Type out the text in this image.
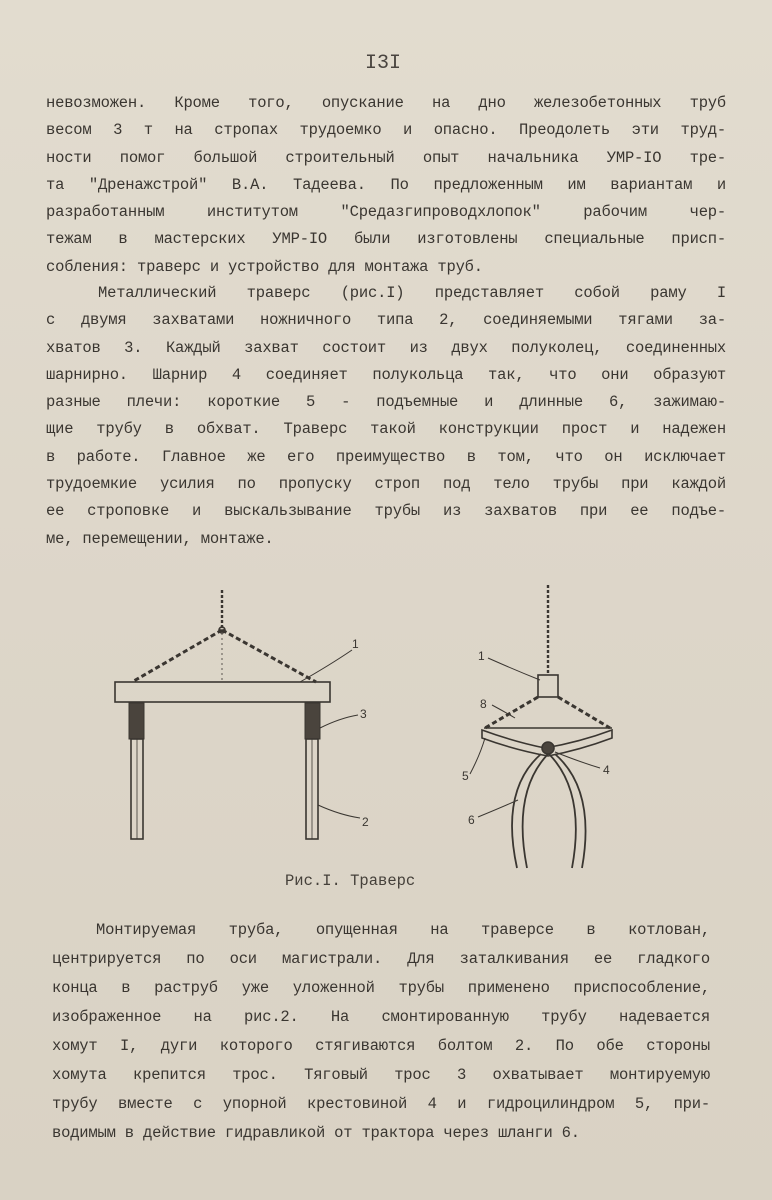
I3I
невозможен. Кроме того, опускание на дно железобетонных труб
весом 3 т на стропах трудоемко и опасно. Преодолеть эти труд-
ности помог большой строительный опыт начальника УМР-IO тре-
та "Дренажстрой" В.А. Тадеева. По предложенным им вариантам и
разработанным институтом "Средазгипроводхлопок" рабочим чер-
тежам в мастерских УМР-IO были изготовлены специальные присп-
собления: траверс и устройство для монтажа труб.
Металлический траверс (рис.I) представляет собой раму I
с двумя захватами ножничного типа 2, соединяемыми тягами за-
хватов 3. Каждый захват состоит из двух полуколец, соединенных
шарнирно. Шарнир 4 соединяет полукольца так, что они образуют
разные плечи: короткие 5 - подъемные и длинные 6, зажимаю-
щие трубу в обхват. Траверс такой конструкции прост и надежен
в работе. Главное же его преимущество в том, что он исключает
трудоемкие усилия по пропуску строп под тело трубы при каждой
ее строповке и выскальзывание трубы из захватов при ее подъе-
ме, перемещении, монтаже.
1
3
2
1
8
5	4
6
Рис.I. Траверс
Монтируемая труба, опущенная на траверсе в котлован,
центрируется по оси магистрали. Для заталкивания ее гладкого
конца в раструб уже уложенной трубы применено приспособление,
изображенное на рис.2. На смонтированную трубу надевается
хомут I, дуги которого стягиваются болтом 2. По обе стороны
хомута крепится трос. Тяговый трос 3 охватывает монтируемую
трубу вместе с упорной крестовиной 4 и гидроцилиндром 5, при-
водимым в действие гидравликой от трактора через шланги 6.
